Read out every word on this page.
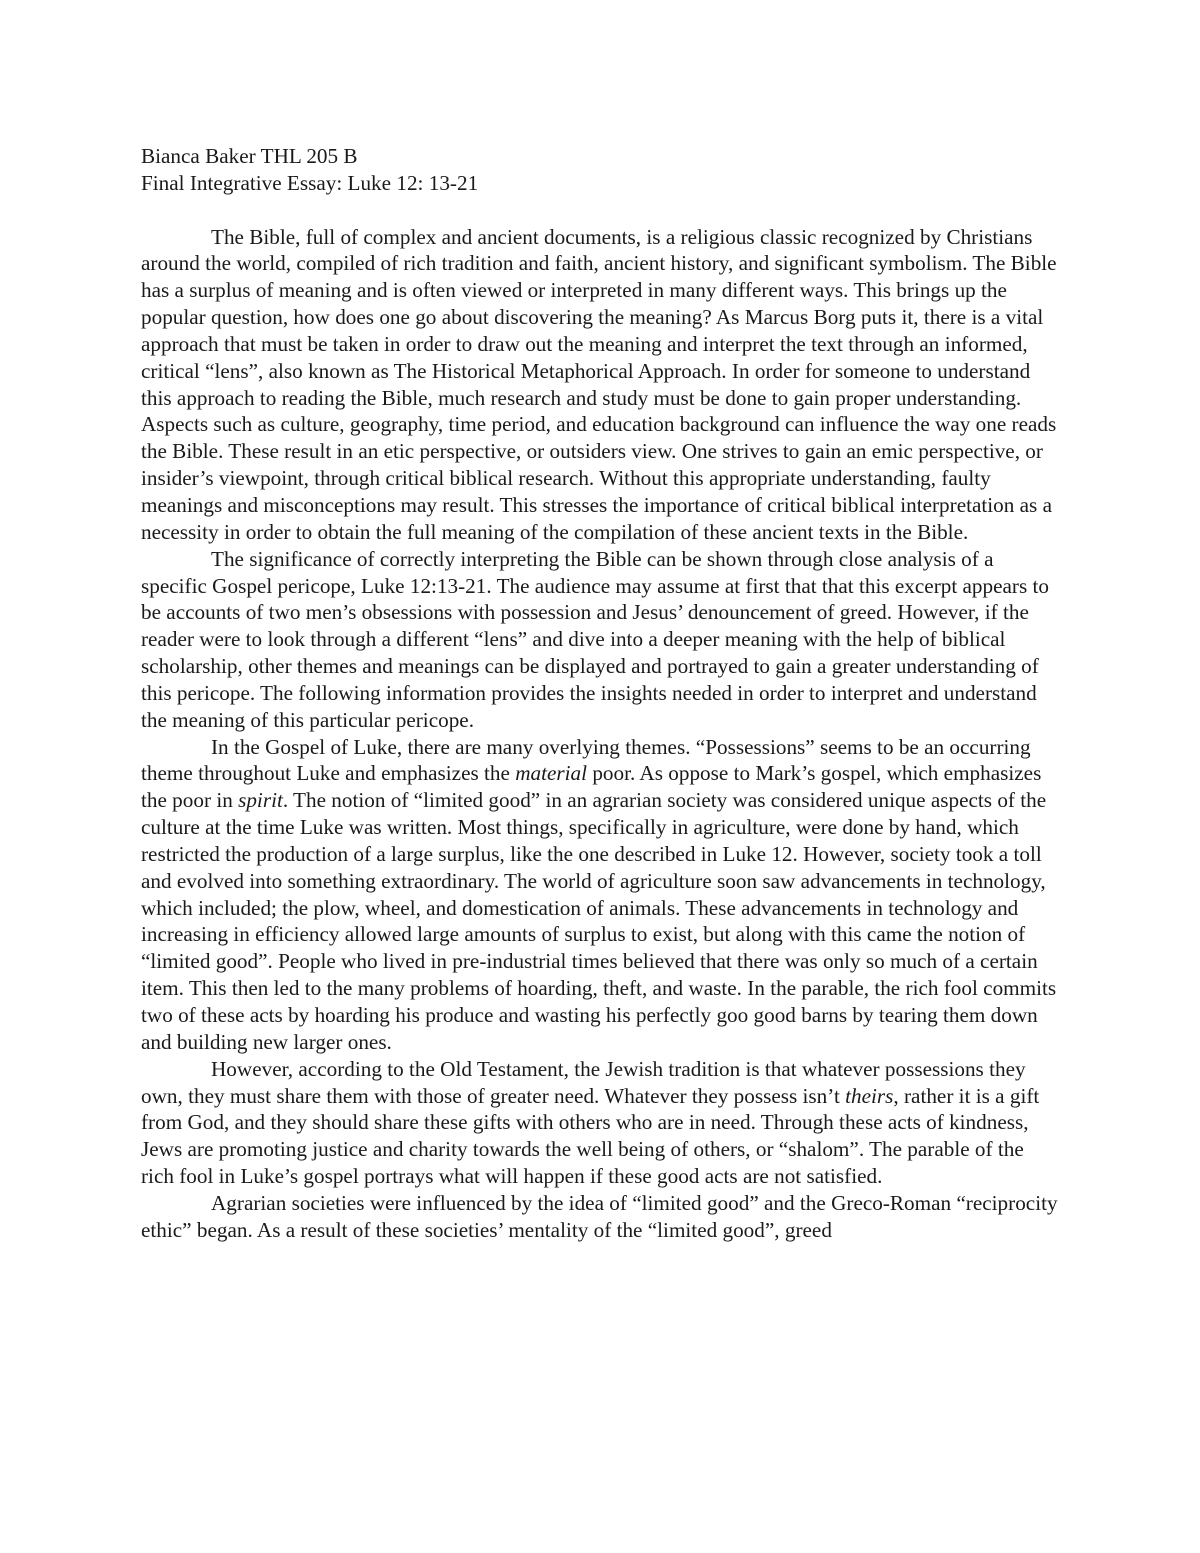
Bianca Baker THL 205 B

Final Integrative Essay: Luke 12: 13-21

The Bible, full of complex and ancient documents, is a religious classic recognized by Christians around the world, compiled of rich tradition and faith, ancient history, and significant symbolism. The Bible has a surplus of meaning and is often viewed or interpreted in many different ways. This brings up the popular question, how does one go about discovering the meaning? As Marcus Borg puts it, there is a vital approach that must be taken in order to draw out the meaning and interpret the text through an informed, critical “lens”, also known as The Historical Metaphorical Approach. In order for someone to understand this approach to reading the Bible, much research and study must be done to gain proper understanding. Aspects such as culture, geography, time period, and education background can influence the way one reads the Bible. These result in an etic perspective, or outsiders view. One strives to gain an emic perspective, or insider’s viewpoint, through critical biblical research. Without this appropriate understanding, faulty meanings and misconceptions may result. This stresses the importance of critical biblical interpretation as a necessity in order to obtain the full meaning of the compilation of these ancient texts in the Bible.

The significance of correctly interpreting the Bible can be shown through close analysis of a specific Gospel pericope, Luke 12:13-21. The audience may assume at first that that this excerpt appears to be accounts of two men’s obsessions with possession and Jesus’ denouncement of greed. However, if the reader were to look through a different “lens” and dive into a deeper meaning with the help of biblical scholarship, other themes and meanings can be displayed and portrayed to gain a greater understanding of this pericope. The following information provides the insights needed in order to interpret and understand the meaning of this particular pericope.

In the Gospel of Luke, there are many overlying themes. “Possessions” seems to be an occurring theme throughout Luke and emphasizes the material poor. As oppose to Mark’s gospel, which emphasizes the poor in spirit. The notion of “limited good” in an agrarian society was considered unique aspects of the culture at the time Luke was written. Most things, specifically in agriculture, were done by hand, which restricted the production of a large surplus, like the one described in Luke 12. However, society took a toll and evolved into something extraordinary. The world of agriculture soon saw advancements in technology, which included; the plow, wheel, and domestication of animals. These advancements in technology and increasing in efficiency allowed large amounts of surplus to exist, but along with this came the notion of “limited good”. People who lived in pre-industrial times believed that there was only so much of a certain item. This then led to the many problems of hoarding, theft, and waste. In the parable, the rich fool commits two of these acts by hoarding his produce and wasting his perfectly goo good barns by tearing them down and building new larger ones.

However, according to the Old Testament, the Jewish tradition is that whatever possessions they own, they must share them with those of greater need. Whatever they possess isn’t theirs, rather it is a gift from God, and they should share these gifts with others who are in need. Through these acts of kindness, Jews are promoting justice and charity towards the well being of others, or “shalom”. The parable of the rich fool in Luke’s gospel portrays what will happen if these good acts are not satisfied.

Agrarian societies were influenced by the idea of “limited good” and the Greco-Roman “reciprocity ethic” began. As a result of these societies’ mentality of the “limited good”, greed
